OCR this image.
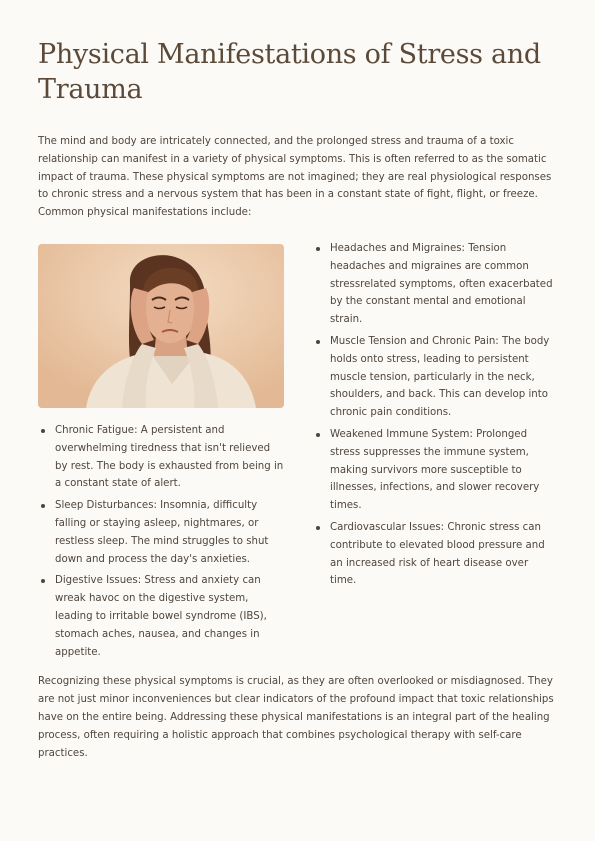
Physical Manifestations of Stress and Trauma

The mind and body are intricately connected, and the prolonged stress and trauma of a toxic relationship can manifest in a variety of physical symptoms. This is often referred to as the somatic impact of trauma. These physical symptoms are not imagined; they are real physiological responses to chronic stress and a nervous system that has been in a constant state of fight, flight, or freeze. Common physical manifestations include:

Chronic Fatigue: A persistent and overwhelming tiredness that isn't relieved by rest. The body is exhausted from being in a constant state of alert.
Sleep Disturbances: Insomnia, difficulty falling or staying asleep, nightmares, or restless sleep. The mind struggles to shut down and process the day's anxieties.
Digestive Issues: Stress and anxiety can wreak havoc on the digestive system, leading to irritable bowel syndrome (IBS), stomach aches, nausea, and changes in appetite.
Headaches and Migraines: Tension headaches and migraines are common stressrelated symptoms, often exacerbated by the constant mental and emotional strain.
Muscle Tension and Chronic Pain: The body holds onto stress, leading to persistent muscle tension, particularly in the neck, shoulders, and back. This can develop into chronic pain conditions.
Weakened Immune System: Prolonged stress suppresses the immune system, making survivors more susceptible to illnesses, infections, and slower recovery times.
Cardiovascular Issues: Chronic stress can contribute to elevated blood pressure and an increased risk of heart disease over time.

Recognizing these physical symptoms is crucial, as they are often overlooked or misdiagnosed. They are not just minor inconveniences but clear indicators of the profound impact that toxic relationships have on the entire being. Addressing these physical manifestations is an integral part of the healing process, often requiring a holistic approach that combines psychological therapy with self-care practices.
